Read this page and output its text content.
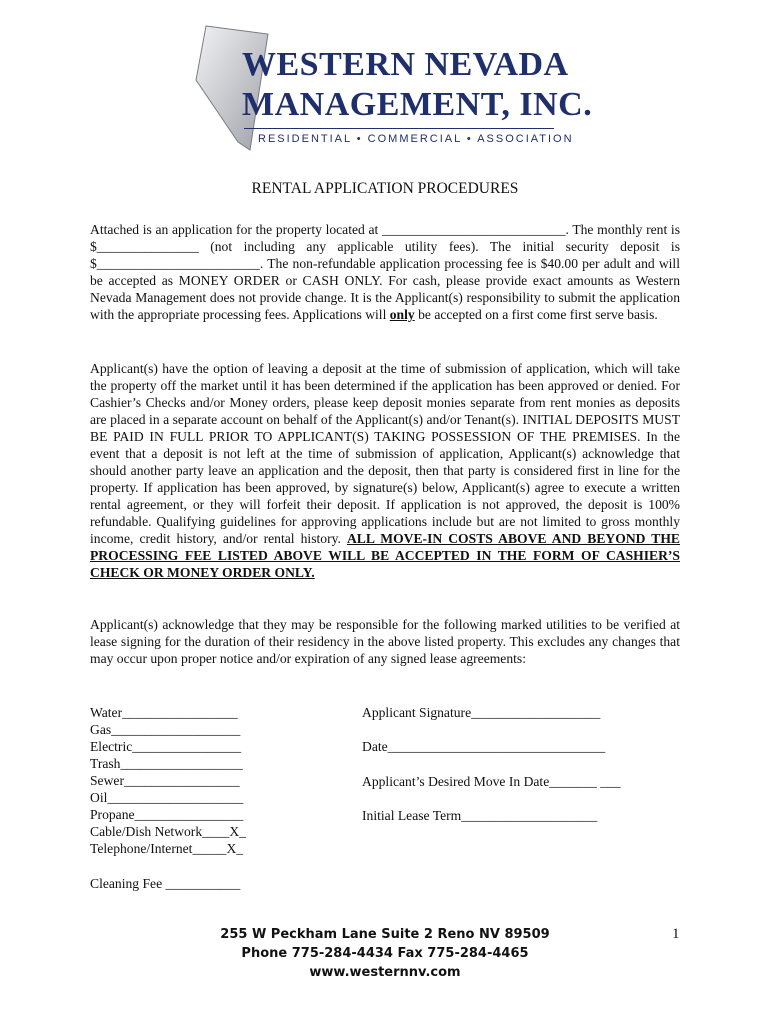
WESTERN NEVADA
MANAGEMENT, INC.
RESIDENTIAL • COMMERCIAL • ASSOCIATION
RENTAL APPLICATION PROCEDURES
Attached is an application for the property located at ___________________________. The monthly rent is $_______________ (not including any applicable utility fees). The initial security deposit is $________________________. The non-refundable application processing fee is $40.00 per adult and will be accepted as MONEY ORDER or CASH ONLY. For cash, please provide exact amounts as Western Nevada Management does not provide change. It is the Applicant(s) responsibility to submit the application with the appropriate processing fees. Applications will only be accepted on a first come first serve basis.
Applicant(s) have the option of leaving a deposit at the time of submission of application, which will take the property off the market until it has been determined if the application has been approved or denied. For Cashier’s Checks and/or Money orders, please keep deposit monies separate from rent monies as deposits are placed in a separate account on behalf of the Applicant(s) and/or Tenant(s). INITIAL DEPOSITS MUST BE PAID IN FULL PRIOR TO APPLICANT(S) TAKING POSSESSION OF THE PREMISES. In the event that a deposit is not left at the time of submission of application, Applicant(s) acknowledge that should another party leave an application and the deposit, then that party is considered first in line for the property. If application has been approved, by signature(s) below, Applicant(s) agree to execute a written rental agreement, or they will forfeit their deposit. If application is not approved, the deposit is 100% refundable. Qualifying guidelines for approving applications include but are not limited to gross monthly income, credit history, and/or rental history. ALL MOVE-IN COSTS ABOVE AND BEYOND THE PROCESSING FEE LISTED ABOVE WILL BE ACCEPTED IN THE FORM OF CASHIER’S CHECK OR MONEY ORDER ONLY.
Applicant(s) acknowledge that they may be responsible for the following marked utilities to be verified at lease signing for the duration of their residency in the above listed property. This excludes any changes that may occur upon proper notice and/or expiration of any signed lease agreements:
Water_________________
Gas___________________
Electric________________
Trash__________________
Sewer_________________
Oil____________________
Propane________________
Cable/Dish Network____X_
Telephone/Internet_____X_
Applicant Signature___________________
Date________________________________
Applicant’s Desired Move In Date_______ ___
Initial Lease Term____________________
Cleaning Fee ___________
255 W Peckham Lane Suite 2 Reno NV 89509
Phone 775-284-4434 Fax 775-284-4465
www.westernnv.com
1
